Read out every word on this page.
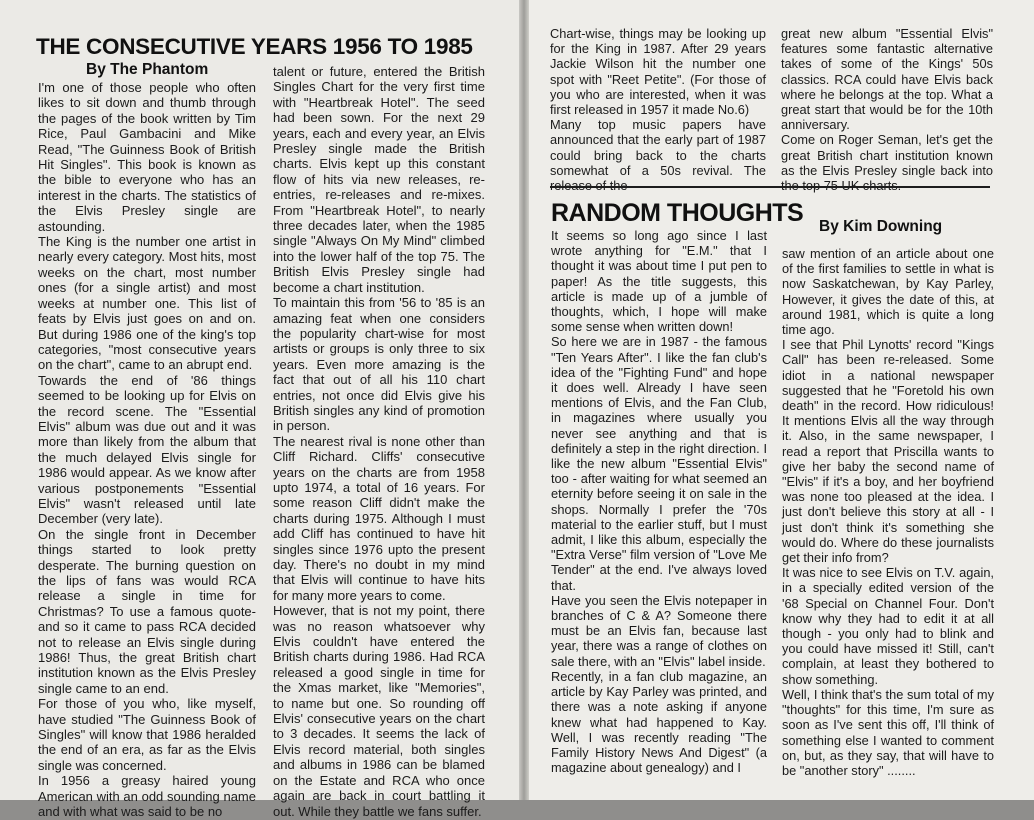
THE CONSECUTIVE YEARS 1956 TO 1985
By The Phantom

I'm one of those people who often likes to sit down and thumb through the pages of the book written by Tim Rice, Paul Gambacini and Mike Read, "The Guinness Book of British Hit Singles". This book is known as the bible to everyone who has an interest in the charts. The statistics of the Elvis Presley single are astounding.

The King is the number one artist in nearly every category. Most hits, most weeks on the chart, most number ones (for a single artist) and most weeks at number one. This list of feats by Elvis just goes on and on. But during 1986 one of the king's top categories, "most consecutive years on the chart", came to an abrupt end.

Towards the end of '86 things seemed to be looking up for Elvis on the record scene. The "Essential Elvis" album was due out and it was more than likely from the album that the much delayed Elvis single for 1986 would appear. As we know after various postponements "Essential Elvis" wasn't released until late December (very late).

On the single front in December things started to look pretty desperate. The burning question on the lips of fans was would RCA release a single in time for Christmas? To use a famous quote- and so it came to pass RCA decided not to release an Elvis single during 1986! Thus, the great British chart institution known as the Elvis Presley single came to an end.

For those of you who, like myself, have studied "The Guinness Book of Singles" will know that 1986 heralded the end of an era, as far as the Elvis single was concerned.

In 1956 a greasy haired young American with an odd sounding name and with what was said to be no

talent or future, entered the British Singles Chart for the very first time with "Heartbreak Hotel". The seed had been sown. For the next 29 years, each and every year, an Elvis Presley single made the British charts. Elvis kept up this constant flow of hits via new releases, re-entries, re-releases and re-mixes. From "Heartbreak Hotel", to nearly three decades later, when the 1985 single "Always On My Mind" climbed into the lower half of the top 75. The British Elvis Presley single had become a chart institution.

To maintain this from '56 to '85 is an amazing feat when one considers the popularity chart-wise for most artists or groups is only three to six years. Even more amazing is the fact that out of all his 110 chart entries, not once did Elvis give his British singles any kind of promotion in person.

The nearest rival is none other than Cliff Richard. Cliffs' consecutive years on the charts are from 1958 upto 1974, a total of 16 years. For some reason Cliff didn't make the charts during 1975. Although I must add Cliff has continued to have hit singles since 1976 upto the present day. There's no doubt in my mind that Elvis will continue to have hits for many more years to come.

However, that is not my point, there was no reason whatsoever why Elvis couldn't have entered the British charts during 1986. Had RCA released a good single in time for the Xmas market, like "Memories", to name but one. So rounding off Elvis' consecutive years on the chart to 3 decades. It seems the lack of Elvis record material, both singles and albums in 1986 can be blamed on the Estate and RCA who once again are back in court battling it out. While they battle we fans suffer.

Chart-wise, things may be looking up for the King in 1987. After 29 years Jackie Wilson hit the number one spot with "Reet Petite". (For those of you who are interested, when it was first released in 1957 it made No.6)

Many top music papers have announced that the early part of 1987 could bring back to the charts somewhat of a 50s revival. The

great new album "Essential Elvis" features some fantastic alternative takes of some of the Kings' 50s classics. RCA could have Elvis back where he belongs at the top. What a great start that would be for the 10th anniversary.

Come on Roger Seman, let's get the great British chart institution known as the Elvis Presley single back into

RANDOM THOUGHTS By Kim Downing

It seems so long ago since I last wrote anything for "E.M." that I thought it was about time I put pen to paper! As the title suggests, this article is made up of a jumble of thoughts, which, I hope will make some sense when written down!

So here we are in 1987 - the famous "Ten Years After". I like the fan club's idea of the "Fighting Fund" and hope it does well. Already I have seen mentions of Elvis, and the Fan Club, in magazines where usually you never see anything and that is definitely a step in the right direction. I like the new album "Essential Elvis" too - after waiting for what seemed an eternity before seeing it on sale in the shops. Normally I prefer the '70s material to the earlier stuff, but I must admit, I like this album, especially the "Extra Verse" film version of "Love Me Tender" at the end. I've always loved that.

Have you seen the Elvis notepaper in branches of C & A? Someone there must be an Elvis fan, because last year, there was a range of clothes on sale there, with an "Elvis" label inside.

Recently, in a fan club magazine, an article by Kay Parley was printed, and there was a note asking if anyone knew what had happened to Kay. Well, I was recently reading "The Family History News And Digest" (a magazine about genealogy) and I

saw mention of an article about one of the first families to settle in what is now Saskatchewan, by Kay Parley, However, it gives the date of this, at around 1981, which is quite a long time ago.

I see that Phil Lynotts' record "Kings Call" has been re-released. Some idiot in a national newspaper suggested that he "Foretold his own death" in the record. How ridiculous! It mentions Elvis all the way through it. Also, in the same newspaper, I read a report that Priscilla wants to give her baby the second name of "Elvis" if it's a boy, and her boyfriend was none too pleased at the idea. I just don't believe this story at all - I just don't think it's something she would do. Where do these journalists get their info from?

It was nice to see Elvis on T.V. again, in a specially edited version of the '68 Special on Channel Four. Don't know why they had to edit it at all though - you only had to blink and you could have missed it! Still, can't complain, at least they bothered to show something.

Well, I think that's the sum total of my "thoughts" for this time, I'm sure as soon as I've sent this off, I'll think of something else I wanted to comment on, but, as they say, that will have to be "another story" ........
